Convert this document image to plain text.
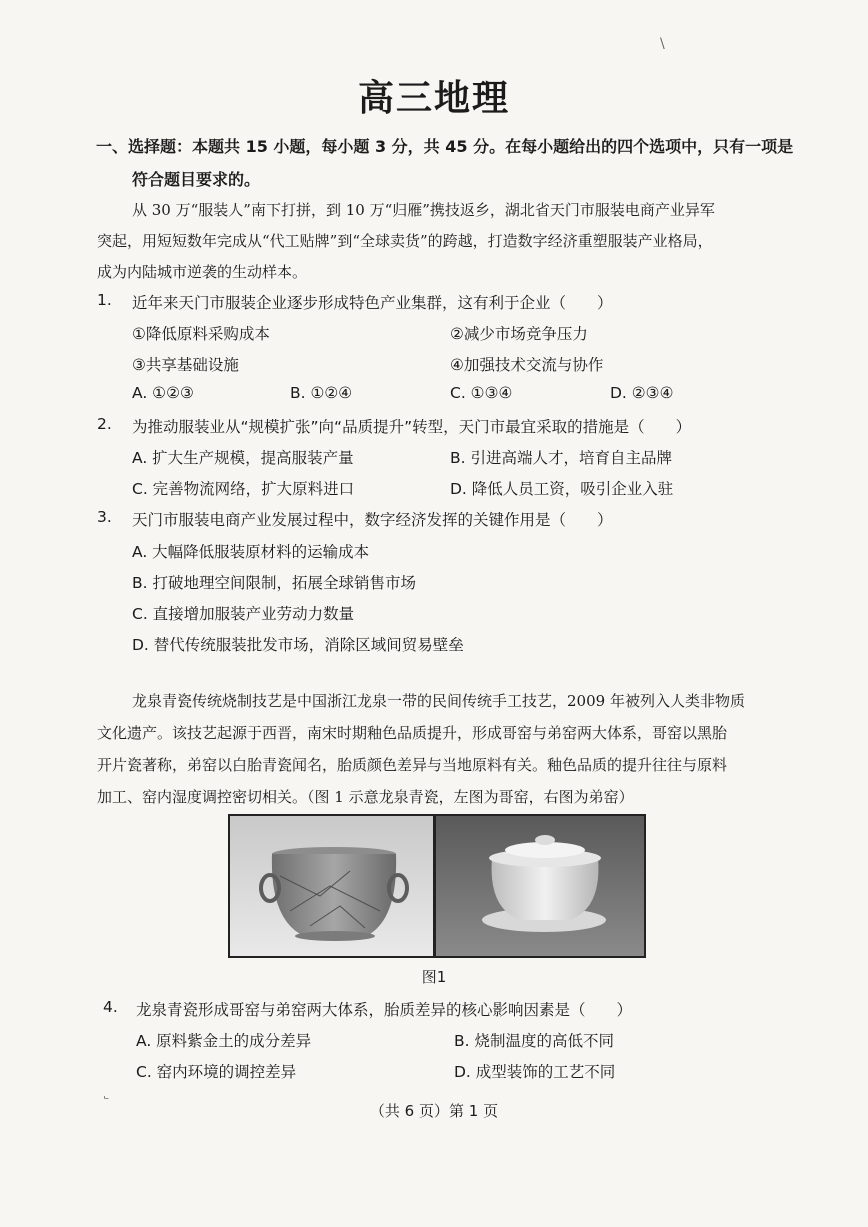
\
高三地理
一、选择题：本题共 15 小题，每小题 3 分，共 45 分。在每小题给出的四个选项中，只有一项是
符合题目要求的。
从 30 万“服装人”南下打拼，到 10 万“归雁”携技返乡，湖北省天门市服装电商产业异军
突起，用短短数年完成从“代工贴牌”到“全球卖货”的跨越，打造数字经济重塑服装产业格局，
成为内陆城市逆袭的生动样本。
1. 近年来天门市服装企业逐步形成特色产业集群，这有利于企业（　　）
①降低原料采购成本	②减少市场竞争压力
③共享基础设施	④加强技术交流与协作
A. ①②③	B. ①②④	C. ①③④	D. ②③④
2. 为推动服装业从“规模扩张”向“品质提升”转型，天门市最宜采取的措施是（　　）
A. 扩大生产规模，提高服装产量	B. 引进高端人才，培育自主品牌
C. 完善物流网络，扩大原料进口	D. 降低人员工资，吸引企业入驻
3. 天门市服装电商产业发展过程中，数字经济发挥的关键作用是（　　）
A. 大幅降低服装原材料的运输成本
B. 打破地理空间限制，拓展全球销售市场
C. 直接增加服装产业劳动力数量
D. 替代传统服装批发市场，消除区域间贸易壁垒
龙泉青瓷传统烧制技艺是中国浙江龙泉一带的民间传统手工技艺，2009 年被列入人类非物质
文化遗产。该技艺起源于西晋，南宋时期釉色品质提升，形成哥窑与弟窑两大体系，哥窑以黑胎
开片瓷著称，弟窑以白胎青瓷闻名，胎质颜色差异与当地原料有关。釉色品质的提升往往与原料
加工、窑内湿度调控密切相关。（图 1 示意龙泉青瓷，左图为哥窑，右图为弟窑）
图1
4. 龙泉青瓷形成哥窑与弟窑两大体系，胎质差异的核心影响因素是（　　）
A. 原料紫金土的成分差异	B. 烧制温度的高低不同
C. 窑内环境的调控差异	D. 成型装饰的工艺不同
˾
（共 6 页）第 1 页
